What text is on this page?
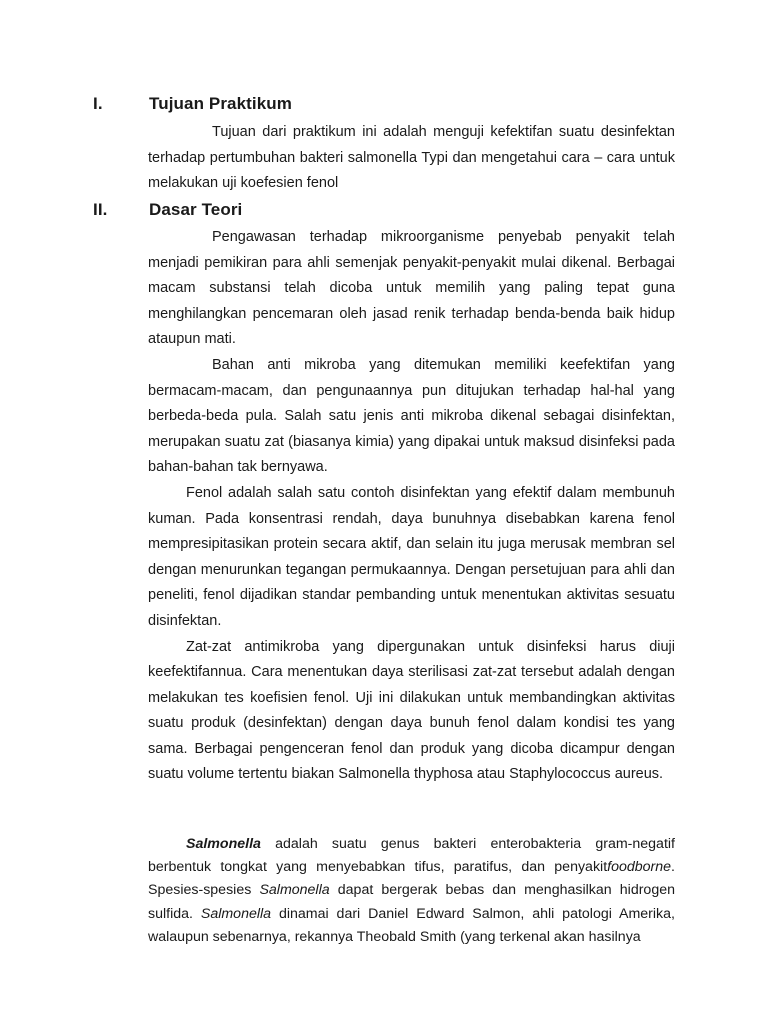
I.	Tujuan Praktikum

Tujuan dari praktikum ini adalah menguji kefektifan suatu desinfektan terhadap pertumbuhan bakteri salmonella Typi dan mengetahui cara – cara untuk melakukan uji koefesien fenol

II. Dasar Teori

Pengawasan terhadap mikroorganisme penyebab penyakit telah menjadi pemikiran para ahli semenjak penyakit-penyakit mulai dikenal. Berbagai macam substansi telah dicoba untuk memilih yang paling tepat guna menghilangkan pencemaran oleh jasad renik terhadap benda-benda baik hidup ataupun mati.

Bahan anti mikroba yang ditemukan memiliki keefektifan yang bermacam-macam, dan pengunaannya pun ditujukan terhadap hal-hal yang berbeda-beda pula. Salah satu jenis anti mikroba dikenal sebagai disinfektan, merupakan suatu zat (biasanya kimia) yang dipakai untuk maksud disinfeksi pada bahan-bahan tak bernyawa.

Fenol adalah salah satu contoh disinfektan yang efektif dalam membunuh kuman. Pada konsentrasi rendah, daya bunuhnya disebabkan karena fenol mempresipitasikan protein secara aktif, dan selain itu juga merusak membran sel dengan menurunkan tegangan permukaannya. Dengan persetujuan para ahli dan peneliti, fenol dijadikan standar pembanding untuk menentukan aktivitas sesuatu disinfektan.

Zat-zat antimikroba yang dipergunakan untuk disinfeksi harus diuji keefektifannua. Cara menentukan daya sterilisasi zat-zat tersebut adalah dengan melakukan tes koefisien fenol. Uji ini dilakukan untuk membandingkan aktivitas suatu produk (desinfektan) dengan daya bunuh fenol dalam kondisi tes yang sama. Berbagai pengenceran fenol dan produk yang dicoba dicampur dengan suatu volume tertentu biakan Salmonella thyphosa atau Staphylococcus aureus.

Salmonella adalah suatu genus bakteri enterobakteria gram-negatif berbentuk tongkat yang menyebabkan tifus, paratifus, dan penyakitfoodborne. Spesies-spesies Salmonella dapat bergerak bebas dan menghasilkan hidrogen sulfida. Salmonella dinamai dari Daniel Edward Salmon, ahli patologi Amerika, walaupun sebenarnya, rekannya Theobald Smith (yang terkenal akan hasilnya
